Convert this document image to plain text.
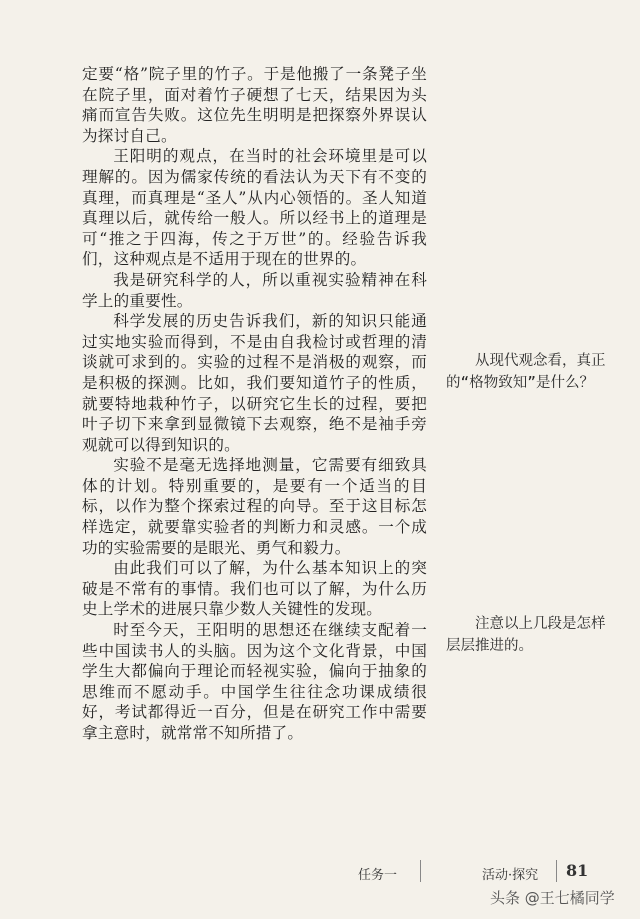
定要“格”院子里的竹子。于是他搬了一条凳子坐在院子里，面对着竹子硬想了七天，结果因为头痛而宣告失败。这位先生明明是把探察外界误认为探讨自己。

王阳明的观点，在当时的社会环境里是可以理解的。因为儒家传统的看法认为天下有不变的真理，而真理是“圣人”从内心领悟的。圣人知道真理以后，就传给一般人。所以经书上的道理是可“推之于四海，传之于万世”的。经验告诉我们，这种观点是不适用于现在的世界的。

我是研究科学的人，所以重视实验精神在科学上的重要性。

科学发展的历史告诉我们，新的知识只能通过实地实验而得到，不是由自我检讨或哲理的清谈就可求到的。实验的过程不是消极的观察，而是积极的探测。比如，我们要知道竹子的性质，就要特地栽种竹子，以研究它生长的过程，要把叶子切下来拿到显微镜下去观察，绝不是袖手旁观就可以得到知识的。

实验不是毫无选择地测量，它需要有细致具体的计划。特别重要的，是要有一个适当的目标，以作为整个探索过程的向导。至于这目标怎样选定，就要靠实验者的判断力和灵感。一个成功的实验需要的是眼光、勇气和毅力。

由此我们可以了解，为什么基本知识上的突破是不常有的事情。我们也可以了解，为什么历史上学术的进展只靠少数人关键性的发现。

时至今天，王阳明的思想还在继续支配着一些中国读书人的头脑。因为这个文化背景，中国学生大都偏向于理论而轻视实验，偏向于抽象的思维而不愿动手。中国学生往往念功课成绩很好，考试都得近一百分，但是在研究工作中需要拿主意时，就常常不知所措了。

从现代观念看，真正的“格物致知”是什么？

注意以上几段是怎样层层推进的。

任务一	活动·探究 81
头条 @王七橘同学
